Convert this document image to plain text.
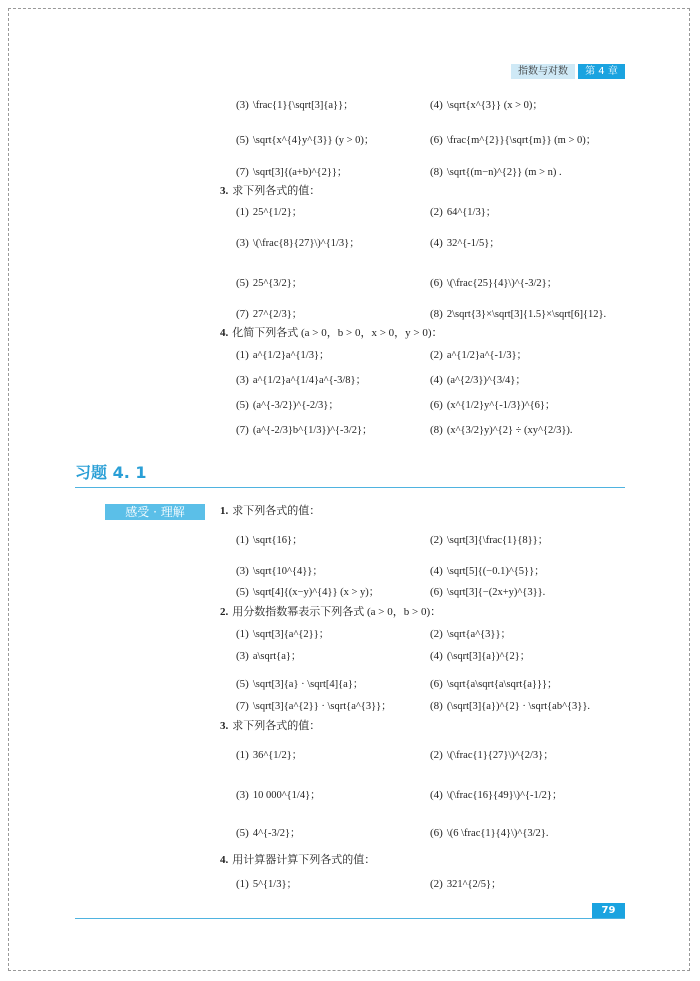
指数与对数	第 4 章
习题 4. 1
感受 · 理解
(3) \frac{1}{\sqrt[3]{a}}；	(4) \sqrt{x^{3}} (x > 0)；
(5) \sqrt{x^{4}y^{3}} (y > 0)；	(6) \frac{m^{2}}{\sqrt{m}} (m > 0)；
(7) \sqrt[3]{(a+b)^{2}}；	(8) \sqrt{(m−n)^{2}} (m > n) .
3. 求下列各式的值：
(1) 25^{1/2}；	(2) 64^{1/3}；
(3) \(\frac{8}{27}\)^{1/3}；	(4) 32^{-1/5}；
(5) 25^{3/2}；	(6) \(\frac{25}{4}\)^{-3/2}；
(7) 27^{2/3}；	(8) 2\sqrt{3}×\sqrt[3]{1.5}×\sqrt[6]{12}.
4. 化简下列各式 (a > 0，b > 0，x > 0，y > 0)：
(1) a^{1/2}a^{1/3}；	(2) a^{1/2}a^{-1/3}；
(3) a^{1/2}a^{1/4}a^{-3/8}；	(4) (a^{2/3})^{3/4}；
(5) (a^{-3/2})^{-2/3}；	(6) (x^{1/2}y^{-1/3})^{6}；
(7) (a^{-2/3}b^{1/3})^{-3/2}；	(8) (x^{3/2}y)^{2} ÷ (xy^{2/3}).
1. 求下列各式的值：
(1) \sqrt{16}；	(2) \sqrt[3]{\frac{1}{8}}；
(3) \sqrt{10^{4}}；	(4) \sqrt[5]{(−0.1)^{5}}；
(5) \sqrt[4]{(x−y)^{4}} (x > y)；	(6) \sqrt[3]{−(2x+y)^{3}}.
2. 用分数指数幂表示下列各式 (a > 0，b > 0)：
(1) \sqrt[3]{a^{2}}；	(2) \sqrt{a^{3}}；
(3) a\sqrt{a}；	(4) (\sqrt[3]{a})^{2}；
(5) \sqrt[3]{a} · \sqrt[4]{a}；	(6) \sqrt{a\sqrt{a\sqrt{a}}}；
(7) \sqrt[3]{a^{2}} · \sqrt{a^{3}}；	(8) (\sqrt[3]{a})^{2} · \sqrt{ab^{3}}.
3. 求下列各式的值：
(1) 36^{1/2}；	(2) \(\frac{1}{27}\)^{2/3}；
(3) 10 000^{1/4}；	(4) \(\frac{16}{49}\)^{-1/2}；
(5) 4^{-3/2}；	(6) \(6 \frac{1}{4}\)^{3/2}.
4. 用计算器计算下列各式的值：
(1) 5^{1/3}；	(2) 321^{2/5}；
79
